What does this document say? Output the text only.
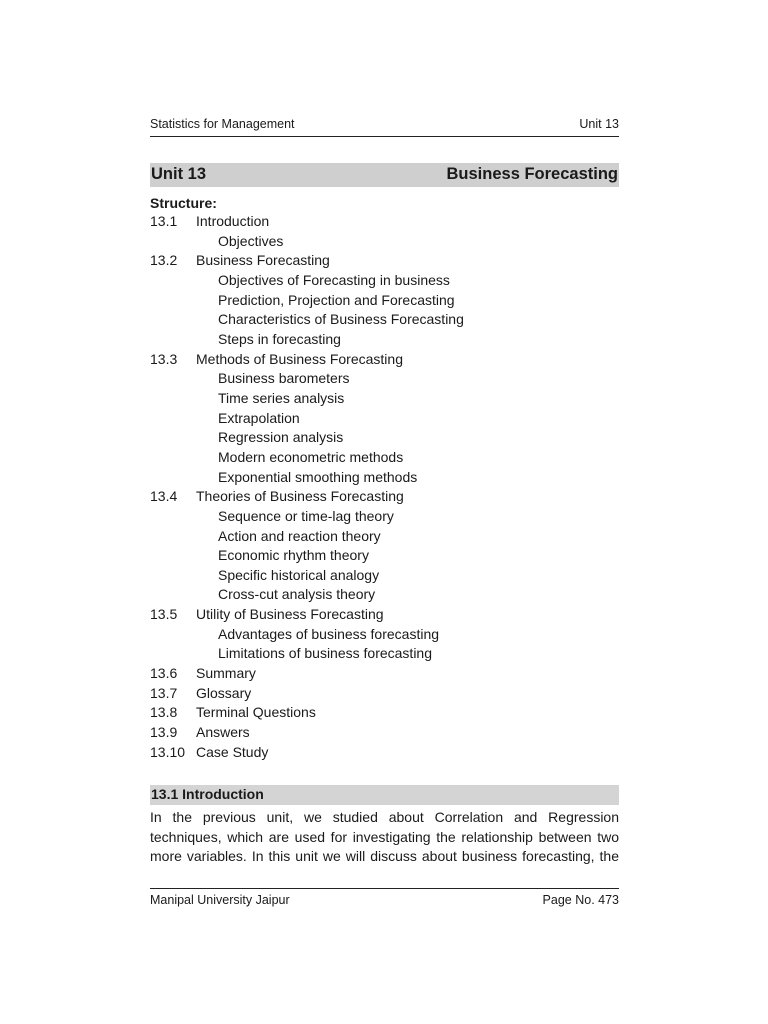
Statistics for Management	Unit 13
Unit 13	Business Forecasting
Structure:
13.1 Introduction
Objectives
13.2 Business Forecasting
Objectives of Forecasting in business
Prediction, Projection and Forecasting
Characteristics of Business Forecasting
Steps in forecasting
13.3 Methods of Business Forecasting
Business barometers
Time series analysis
Extrapolation
Regression analysis
Modern econometric methods
Exponential smoothing methods
13.4 Theories of Business Forecasting
Sequence or time-lag theory
Action and reaction theory
Economic rhythm theory
Specific historical analogy
Cross-cut analysis theory
13.5 Utility of Business Forecasting
Advantages of business forecasting
Limitations of business forecasting
13.6 Summary
13.7 Glossary
13.8 Terminal Questions
13.9 Answers
13.10 Case Study
13.1 Introduction
In the previous unit, we studied about Correlation and Regression
techniques, which are used for investigating the relationship between two
more variables. In this unit we will discuss about business forecasting, the
Manipal University Jaipur	Page No. 473
